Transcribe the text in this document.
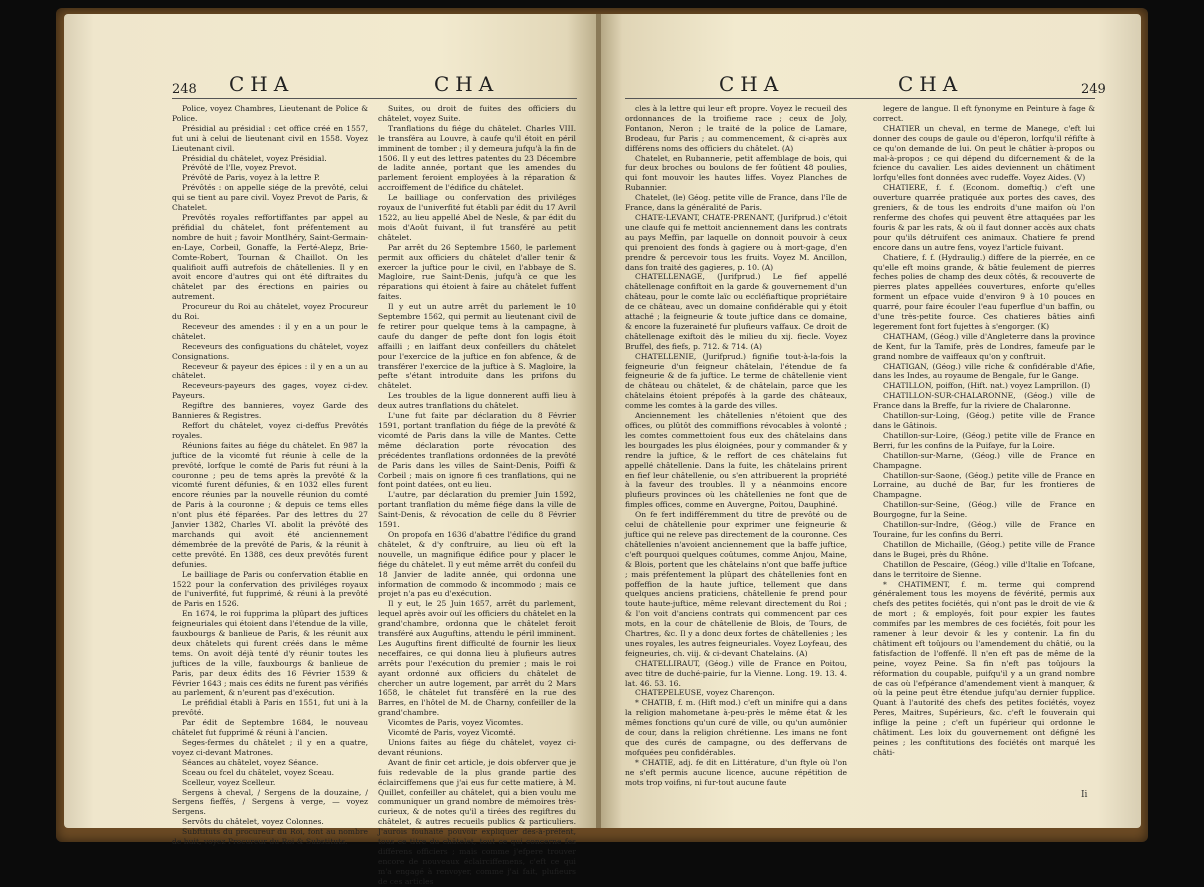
248 CHA	CHA

Police, voyez Chambres, Lieutenant de Police & Police.

Présidial au présidial : cet office créé en 1557, fut uni à celui de lieutenant civil en 1558. Voyez Lieutenant civil.

Présidial du châtelet, voyez Présidial.

Prévôté de l'Ile, voyez Prevot.

Prévôté de Paris, voyez à la lettre P.

Prévôtés : on appelle siége de la prevôté, celui qui se tient au pare civil. Voyez Prevot de Paris, & Chatelet.

Prevôtés royales reffortiffantes par appel au préfidial du châtelet, font préfentement au nombre de huit ; favoir Montlhéry, Saint-Germain-en-Laye, Corbeil, Gonaffe, la Ferté-Alepz, Brie-Comte-Robert, Tournan & Chaillot. On les qualifioit auffi autrefois de châtellenies. Il y en avoit encore d'autres qui ont été diftraites du châtelet par des érections en pairies ou autrement.

Procureur du Roi au châtelet, voyez Procureur du Roi.

Receveur des amendes : il y en a un pour le châtelet.

Receveurs des configuations du châtelet, voyez Consignations.

Receveur & payeur des épices : il y en a un au châtelet.

Receveurs-payeurs des gages, voyez ci-dev. Payeurs.

Regiftre des bannieres, voyez Garde des Bannieres & Registres.

Reffort du châtelet, voyez ci-deffus Prevôtés royales.

Réunions faites au fiége du châtelet. En 987 la juftice de la vicomté fut réunie à celle de la prevôté, lorfque le comté de Paris fut réuni à la couronne ; peu de tems après la prevôté & la vicomté furent défunies, & en 1032 elles furent encore réunies par la nouvelle réunion du comté de Paris à la couronne ; & depuis ce tems elles n'ont plus été féparées. Par des lettres du 27 Janvier 1382, Charles VI. abolit la prévôté des marchands qui avoit été anciennement démembrée de la prevôté de Paris, & la réunit à cette prevôté. En 1388, ces deux prevôtés furent defunies.

Le bailliage de Paris ou confervation établie en 1522 pour la confervation des priviléges royaux de l'univerfité, fut fupprimé, & réuni à la prevôté de Paris en 1526.

En 1674, le roi fupprima la plûpart des juftices feigneuriales qui étoient dans l'étendue de la ville, fauxbourgs & banlieue de Paris, & les réunit aux deux châtelets qui furent créés dans le même tems. On avoit déjà tenté d'y réunir toutes les juftices de la ville, fauxbourgs & banlieue de Paris, par deux édits des 16 Février 1539 & Février 1643 ; mais ces édits ne furent pas vérifiés au parlement, & n'eurent pas d'exécution.

Le préfidial établi à Paris en 1551, fut uni à la prevôté.

Par édit de Septembre 1684, le nouveau châtelet fut fupprimé & réuni à l'ancien.

Seges-fermes du châtelet ; il y en a quatre, voyez ci-devant Matrones.

Séances au châtelet, voyez Séance.

Sceau ou fcel du châtelet, voyez Sceau.

Scelleur, voyez Scelleur.

Sergens à cheval, / Sergens de la douzaine, / Sergens fieffés, / Sergens à verge, — voyez Sergens.

Servôts du châtelet, voyez Colonnes.

Subftituts du procureur du Roi, font au nombre de huit, voyez Procureur du Roi & Substituts.

Suites, ou droit de fuites des officiers du châtelet, voyez Suite.

Tranflations du fiége du châtelet. Charles VIII. le transféra au Louvre, à caufe qu'il étoit en péril imminent de tomber ; il y demeura jufqu'à la fin de 1506. Il y eut des lettres patentes du 23 Décembre de ladite année, portant que les amendes du parlement feroient employées à la réparation & accroiffement de l'édifice du châtelet.

Le bailliage ou confervation des priviléges royaux de l'univerfité fut établi par édit du 17 Avril 1522, au lieu appellé Abel de Nesle, & par édit du mois d'Août fuivant, il fut transféré au petit châtelet.

Par arrêt du 26 Septembre 1560, le parlement permit aux officiers du châtelet d'aller tenir & exercer la juftice pour le civil, en l'abbaye de S. Magloire, rue Saint-Denis, jufqu'à ce que les réparations qui étoient à faire au châtelet fuffent faites.

Il y eut un autre arrêt du parlement le 10 Septembre 1562, qui permit au lieutenant civil de fe retirer pour quelque tems à la campagne, à caufe du danger de pefte dont fon logis étoit affailli ; en laiffant deux confeillers du châtelet pour l'exercice de la juftice en fon abfence, & de transférer l'exercice de la juftice à S. Magloire, la pefte s'étant introduite dans les prifons du châtelet.

Les troubles de la ligue donnerent auffi lieu à deux autres tranflations du châtelet.

L'une fut faite par déclaration du 8 Février 1591, portant tranflation du fiége de la prevôté & vicomté de Paris dans la ville de Mantes. Cette même déclaration porte révocation des précédentes tranflations ordonnées de la prevôté de Paris dans les villes de Saint-Denis, Poiffi & Corbeil ; mais on ignore fi ces tranflations, qui ne font point datées, ont eu lieu.

L'autre, par déclaration du premier Juin 1592, portant tranflation du même fiége dans la ville de Saint-Denis, & révocation de celle du 8 Février 1591.

On propofa en 1636 d'abattre l'édifice du grand châtelet, & d'y conftruire, au lieu où eft la nouvelle, un magnifique édifice pour y placer le fiége du châtelet. Il y eut même arrêt du confeil du 18 Janvier de ladite année, qui ordonna une information de commodo & incommodo ; mais ce projet n'a pas eu d'exécution.

Il y eut, le 25 Juin 1657, arrêt du parlement, lequel après avoir ouï les officiers du châtelet en la grand'chambre, ordonna que le châtelet feroit transféré aux Auguftins, attendu le péril imminent. Les Auguftins firent difficulté de fournir les lieux neceffaires, ce qui donna lieu à plufieurs autres arrêts pour l'exécution du premier ; mais le roi ayant ordonné aux officiers du châtelet de chercher un autre logement, par arrêt du 2 Mars 1658, le châtelet fut transféré en la rue des Barres, en l'hôtel de M. de Charny, confeiller de la grand'chambre.

Vicomtes de Paris, voyez Vicomtes.

Vicomté de Paris, voyez Vicomté.

Unions faites au fiége du châtelet, voyez ci-devant réunions.

Avant de finir cet article, je dois obferver que je fuis redevable de la plus grande partie des éclairciffemens que j'ai eus fur cette matiere, à M. Quillet, confeiller au châtelet, qui a bien voulu me communiquer un grand nombre de mémoires très-curieux, & de notes qu'il a tirées des regiftres du châtelet, & autres recueils publics & particuliers. J'aurois fouhaité pouvoir expliquer dès-à-préfent, tous ce titre du châtelet, tout ce qui concerne fes différens officiers ; mais comme j'efpere trouver encore de nouveaux éclairciffemens, c'eft ce qui m'a engagé à renvoyer, comme j'ai fait, plufieurs de ces articles

CHA	CHA	249

cles à la lettre qui leur eft propre. Voyez le recueil des ordonnances de la troifieme race ; ceux de Joly, Fontanon, Neron ; le traité de la police de Lamare, Brodeau, fur Paris ; au commencement, & ci-après aux différens noms des officiers du châtelet. (A)

Chatelet, en Rubannerie, petit affemblage de bois, qui fur deux broches ou boulons de fer foûtient 48 poulies, qui font mouvoir les hautes liffes. Voyez Planches de Rubannier.

Chatelet, (le) Géog. petite ville de France, dans l'île de France, dans la généralité de Paris.

CHATE-LEVANT, CHATE-PRENANT, (Jurifprud.) c'étoit une claufe qui fe mettoit anciennement dans les contrats au pays Meffin, par laquelle on donnoit pouvoir à ceux qui prenoient des fonds à gagiere ou à mort-gage, d'en prendre & percevoir tous les fruits. Voyez M. Ancillon, dans fon traité des gagieres, p. 10. (A)

CHATELLENAGE, (Jurifprud.) Le fief appellé châtellenage confiftoit en la garde & gouvernement d'un château, pour le comte laïc ou eccléfiaftique propriétaire de ce château, avec un domaine confidérable qui y étoit attaché ; la feigneurie & toute juftice dans ce domaine, & encore la fuzeraineté fur plufieurs vaffaux. Ce droit de châtellenage exiftoit dès le milieu du xij. fiecle. Voyez Bruffel, des fiefs, p. 712. & 714. (A)

CHATELLENIE, (Jurifprud.) fignifie tout-à-la-fois la feigneurie d'un feigneur châtelain, l'étendue de fa feigneurie & de fa juftice. Le terme de châtellenie vient de château ou châtelet, & de châtelain, parce que les châtelains étoient prépofés à la garde des châteaux, comme les comtes à la garde des villes.

Anciennement les châtellenies n'étoient que des offices, ou plûtôt des commiffions révocables à volonté ; les comtes commettoient fous eux des châtelains dans les bourgades les plus éloignées, pour y commander & y rendre la juftice, & le reffort de ces châtelains fut appellé châtellenie. Dans la fuite, les châtelains prirent en fief leur châtellenie, ou s'en attribuerent la propriété à la faveur des troubles. Il y a néanmoins encore plufieurs provinces où les châtellenies ne font que de fimples offices, comme en Auvergne, Poitou, Dauphiné.

On fe fert indifféremment du titre de prevôté ou de celui de châtellenie pour exprimer une feigneurie & juftice qui ne releve pas directement de la couronne. Ces châtellenies n'avoient anciennement que la baffe juftice, c'eft pourquoi quelques coûtumes, comme Anjou, Maine, & Blois, portent que les châtelains n'ont que baffe juftice ; mais préfentement la plûpart des châtellenies font en poffeffion de la haute juftice, tellement que dans quelques anciens praticiens, châtellenie fe prend pour toute haute-juftice, même relevant directement du Roi ; & l'on voit d'anciens contrats qui commencent par ces mots, en la cour de châtellenie de Blois, de Tours, de Chartres, &c. Il y a donc deux fortes de châtellenies ; les unes royales, les autres feigneuriales. Voyez Loyfeau, des feigneuries, ch. viij. & ci-devant Chatelains. (A)

CHATELLIRAUT, (Géog.) ville de France en Poitou, avec titre de duché-pairie, fur la Vienne. Long. 19. 13. 4. lat. 46. 53. 16.

CHATEPELEUSE, voyez Charençon.

* CHATIB, f. m. (Hift mod.) c'eft un minifre qui a dans la religion mahometane à-peu-près le même état & les mêmes fonctions qu'un curé de ville, ou qu'un aumônier de cour, dans la religion chrétienne. Les imans ne font que des curés de campagne, ou des deffervans de mofquées peu confidérables.

* CHATIE, adj. fe dit en Littérature, d'un ftyle où l'on ne s'eft permis aucune licence, aucune répétition de mots trop voifins, ni fur-tout aucune faute

legere de langue. Il eft fynonyme en Peinture à fage & correct.

CHATIER un cheval, en terme de Manege, c'eft lui donner des coups de gaule ou d'éperon, lorfqu'il réfifte à ce qu'on demande de lui. On peut le châtier à-propos ou mal-à-propos ; ce qui dépend du difcernement & de la fcience du cavalier. Les aides deviennent un châtiment lorfqu'elles font données avec rudeffe. Voyez Aides. (V)

CHATIERE, f. f. (Econom. domeftiq.) c'eft une ouverture quarrée pratiquée aux portes des caves, des greniers, & de tous les endroits d'une maifon où l'on renferme des chofes qui peuvent être attaquées par les fouris & par les rats, & où il faut donner accès aux chats pour qu'ils détruifent ces animaux. Chatiere fe prend encore dans un autre fens, voyez l'article fuivant.

Chatiere, f. f. (Hydraulig.) differe de la pierrée, en ce qu'elle eft moins grande, & bâtie feulement de pierres feches polies de champ des deux côtés, & recouverte de pierres plates appellées couvertures, enforte qu'elles forment un efpace vuide d'environ 9 à 10 pouces en quarré, pour faire écouler l'eau fuperflue d'un baffin, ou d'une très-petite fource. Ces chatieres bâties ainfi legerement font fort fujettes à s'engorger. (K)

CHATHAM, (Géog.) ville d'Angleterre dans la province de Kent, fur la Tamife, près de Londres, fameufe par le grand nombre de vaiffeaux qu'on y conftruit.

CHATIGAN, (Géog.) ville riche & confidérable d'Afie, dans les Indes, au royaume de Bengale, fur le Gange.

CHATILLON, poiffon, (Hift. nat.) voyez Lamprillon. (I)

CHATILLON-SUR-CHALARONNE, (Géog.) ville de France dans la Breffe, fur la riviere de Chalaronne.

Chatillon-sur-Loing, (Géog.) petite ville de France dans le Gâtinois.

Chatillon-sur-Loire, (Géog.) petite ville de France en Berri, fur les confins de la Puifaye, fur la Loire.

Chatillon-sur-Marne, (Géog.) ville de France en Champagne.

Chatillon-sur-Saone, (Géog.) petite ville de France en Lorraine, au duché de Bar, fur les frontieres de Champagne.

Chatillon-sur-Seine, (Géog.) ville de France en Bourgogne, fur la Seine.

Chatillon-sur-Indre, (Géog.) ville de France en Touraine, fur les confins du Berri.

Chatillon de Michaille, (Géog.) petite ville de France dans le Bugei, près du Rhône.

Chatillon de Pescaire, (Géog.) ville d'Italie en Tofcane, dans le territoire de Sienne.

* CHATIMENT, f. m. terme qui comprend généralement tous les moyens de févérité, permis aux chefs des petites fociétés, qui n'ont pas le droit de vie & de mort ; & employés, foit pour expier les fautes commifes par les membres de ces fociétés, foit pour les ramener à leur devoir & les y contenir. La fin du châtiment eft toûjours ou l'amendement du châtié, ou la fatisfaction de l'offenfé. Il n'en eft pas de même de la peine, voyez Peine. Sa fin n'eft pas toûjours la réformation du coupable, puifqu'il y a un grand nombre de cas où l'efpérance d'amendement vient à manquer, & où la peine peut être étendue jufqu'au dernier fupplice. Quant à l'autorité des chefs des petites fociétés, voyez Peres, Maitres, Supérieurs, &c. c'eft le fouverain qui inflige la peine ; c'eft un fupérieur qui ordonne le châtiment. Les loix du gouvernement ont défigné les peines ; les conftitutions des fociétés ont marqué les châti-

Ii
